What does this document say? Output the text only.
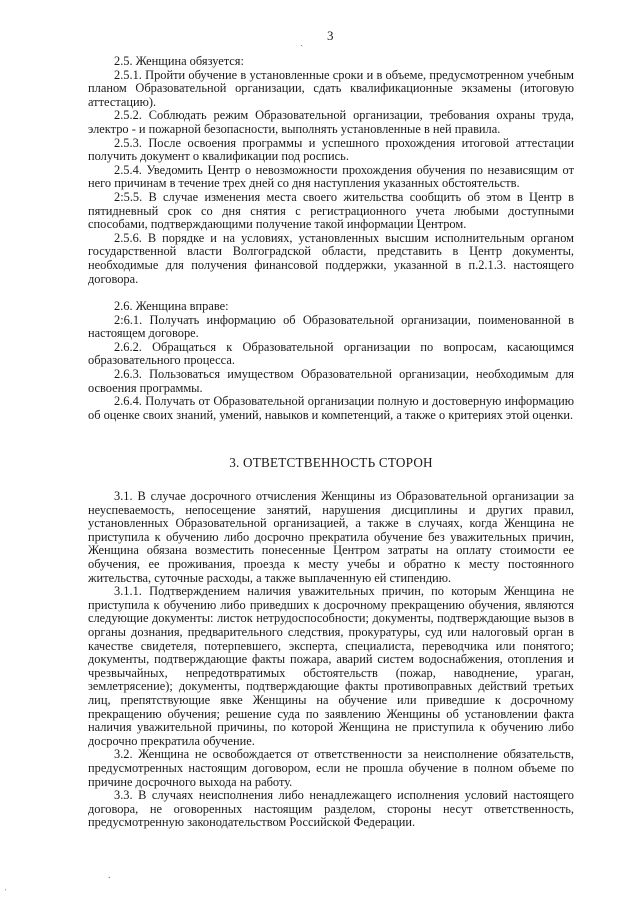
3

2.5. Женщина обязуется:

2.5.1. Пройти обучение в установленные сроки и в объеме, предусмотренном учебным планом Образовательной организации, сдать квалификационные экзамены (итоговую аттестацию).

2.5.2. Соблюдать режим Образовательной организации, требования охраны труда, электро - и пожарной безопасности, выполнять установленные в ней правила.

2.5.3. После освоения программы и успешного прохождения итоговой аттестации получить документ о квалификации под роспись.

2.5.4. Уведомить Центр о невозможности прохождения обучения по независящим от него причинам в течение трех дней со дня наступления указанных обстоятельств.

2:5.5. В случае изменения места своего жительства сообщить об этом в Центр в пятидневный срок со дня снятия с регистрационного учета любыми доступными способами, подтверждающими получение такой информации Центром.

2.5.6. В порядке и на условиях, установленных высшим исполнительным органом государственной власти Волгоградской области, представить в Центр документы, необходимые для получения финансовой поддержки, указанной в п.2.1.3. настоящего договора.

2.6. Женщина вправе:

2:6.1. Получать информацию об Образовательной организации, поименованной в настоящем договоре.

2.6.2. Обращаться к Образовательной организации по вопросам, касающимся образовательного процесса.

2.6.3. Пользоваться имуществом Образовательной организации, необходимым для освоения программы.

2.6.4. Получать от Образовательной организации полную и достоверную информацию об оценке своих знаний, умений, навыков и компетенций, а также о критериях этой оценки.

3. ОТВЕТСТВЕННОСТЬ СТОРОН

3.1. В случае досрочного отчисления Женщины из Образовательной организации за неуспеваемость, непосещение занятий, нарушения дисциплины и других правил, установленных Образовательной организацией, а также в случаях, когда Женщина не приступила к обучению либо досрочно прекратила обучение без уважительных причин, Женщина обязана возместить понесенные Центром затраты на оплату стоимости ее обучения, ее проживания, проезда к месту учебы и обратно к месту постоянного жительства, суточные расходы, а также выплаченную ей стипендию.

3.1.1. Подтверждением наличия уважительных причин, по которым Женщина не приступила к обучению либо приведших к досрочному прекращению обучения, являются следующие документы: листок нетрудоспособности; документы, подтверждающие вызов в органы дознания, предварительного следствия, прокуратуры, суд или налоговый орган в качестве свидетеля, потерпевшего, эксперта, специалиста, переводчика или понятого; документы, подтверждающие факты пожара, аварий систем водоснабжения, отопления и чрезвычайных, непредотвратимых обстоятельств (пожар, наводнение, ураган, землетрясение); документы, подтверждающие факты противоправных действий третьих лиц, препятствующие явке Женщины на обучение или приведшие к досрочному прекращению обучения; решение суда по заявлению Женщины об установлении факта наличия уважительной причины, по которой Женщина не приступила к обучению либо досрочно прекратила обучение.

3.2. Женщина не освобождается от ответственности за неисполнение обязательств, предусмотренных настоящим договором, если не прошла обучение в полном объеме по причине досрочного выхода на работу.

3.3. В случаях неисполнения либо ненадлежащего исполнения условий настоящего договора, не оговоренных настоящим разделом, стороны несут ответственность, предусмотренную законодательством Российской Федерации.

ˎ
.
ˌ
